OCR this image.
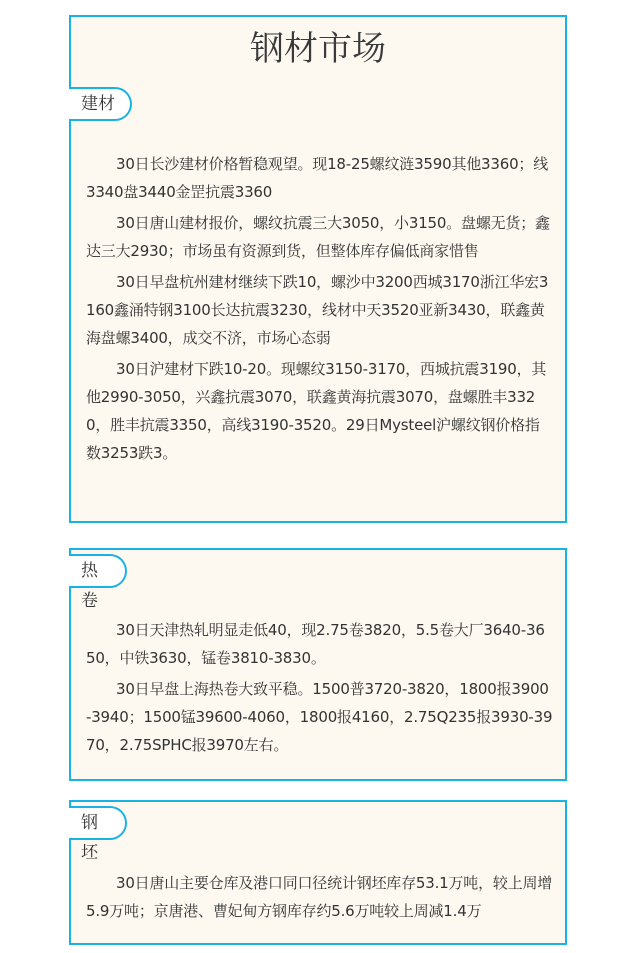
钢材市场
建材

30日长沙建材价格暂稳观望。现18-25螺纹涟3590其他3360；线3340盘3440金罡抗震3360

30日唐山建材报价，螺纹抗震三大3050，小3150。盘螺无货；鑫达三大2930；市场虽有资源到货，但整体库存偏低商家惜售

30日早盘杭州建材继续下跌10，螺沙中3200西城3170浙江华宏3160鑫涌特钢3100长达抗震3230，线材中天3520亚新3430，联鑫黄海盘螺3400，成交不济，市场心态弱

30日沪建材下跌10-20。现螺纹3150-3170，西城抗震3190，其他2990-3050，兴鑫抗震3070，联鑫黄海抗震3070，盘螺胜丰3320，胜丰抗震3350，高线3190-3520。29日Mysteel沪螺纹钢价格指数3253跌3。

热卷

30日天津热轧明显走低40，现2.75卷3820，5.5卷大厂3640-3650，中铁3630，锰卷3810-3830。

30日早盘上海热卷大致平稳。1500普3720-3820，1800报3900-3940；1500锰39600-4060，1800报4160，2.75Q235报3930-3970，2.75SPHC报3970左右。

钢坯

30日唐山主要仓库及港口同口径统计钢坯库存53.1万吨，较上周增5.9万吨；京唐港、曹妃甸方钢库存约5.6万吨较上周减1.4万
